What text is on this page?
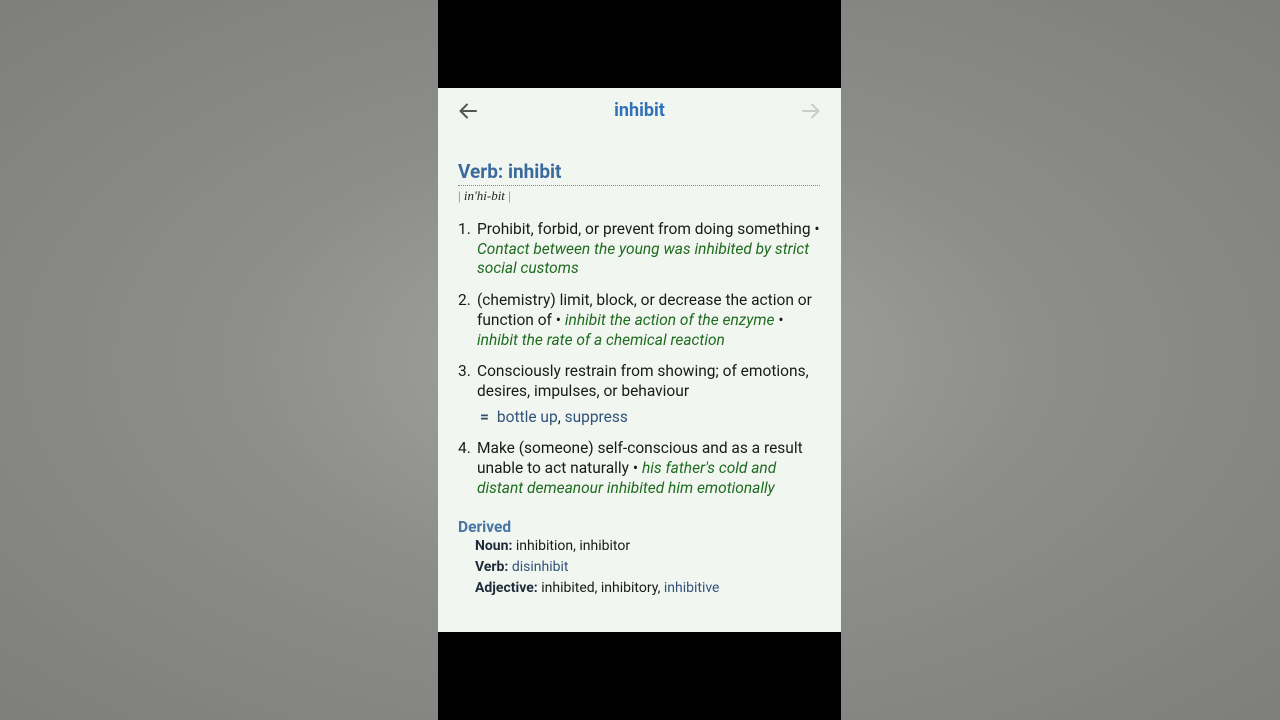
inhibit
Verb: inhibit
| in'hi-bit |
1. Prohibit, forbid, or prevent from doing something • Contact between the young was inhibited by strict social customs
2. (chemistry) limit, block, or decrease the action or function of • inhibit the action of the enzyme • inhibit the rate of a chemical reaction
3. Consciously restrain from showing; of emotions, desires, impulses, or behaviour
= bottle up, suppress
4. Make (someone) self-conscious and as a result unable to act naturally • his father's cold and distant demeanour inhibited him emotionally
Derived
Noun: inhibition, inhibitor
Verb: disinhibit
Adjective: inhibited, inhibitory, inhibitive
